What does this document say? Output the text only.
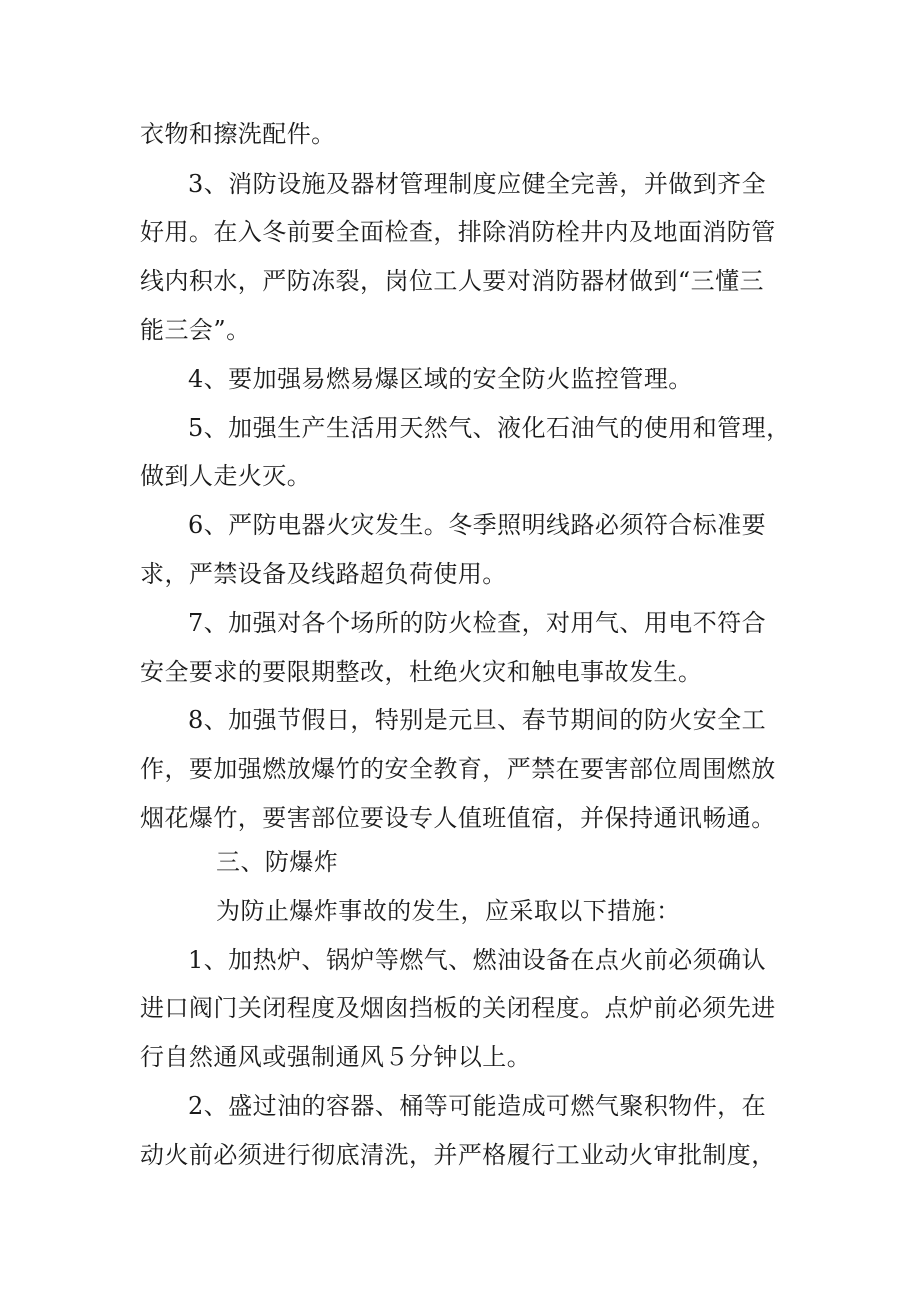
衣物和擦洗配件。

3、消防设施及器材管理制度应健全完善，并做到齐全

好用。在入冬前要全面检查，排除消防栓井内及地面消防管

线内积水，严防冻裂，岗位工人要对消防器材做到“三懂三

能三会”。

4、要加强易燃易爆区域的安全防火监控管理。

5、加强生产生活用天然气、液化石油气的使用和管理，

做到人走火灭。

6、严防电器火灾发生。冬季照明线路必须符合标准要

求，严禁设备及线路超负荷使用。

7、加强对各个场所的防火检查，对用气、用电不符合

安全要求的要限期整改，杜绝火灾和触电事故发生。

8、加强节假日，特别是元旦、春节期间的防火安全工

作，要加强燃放爆竹的安全教育，严禁在要害部位周围燃放

烟花爆竹，要害部位要设专人值班值宿，并保持通讯畅通。

三、防爆炸

为防止爆炸事故的发生，应采取以下措施：

1、加热炉、锅炉等燃气、燃油设备在点火前必须确认

进口阀门关闭程度及烟囱挡板的关闭程度。点炉前必须先进

行自然通风或强制通风５分钟以上。

2、盛过油的容器、桶等可能造成可燃气聚积物件，在

动火前必须进行彻底清洗，并严格履行工业动火审批制度，
